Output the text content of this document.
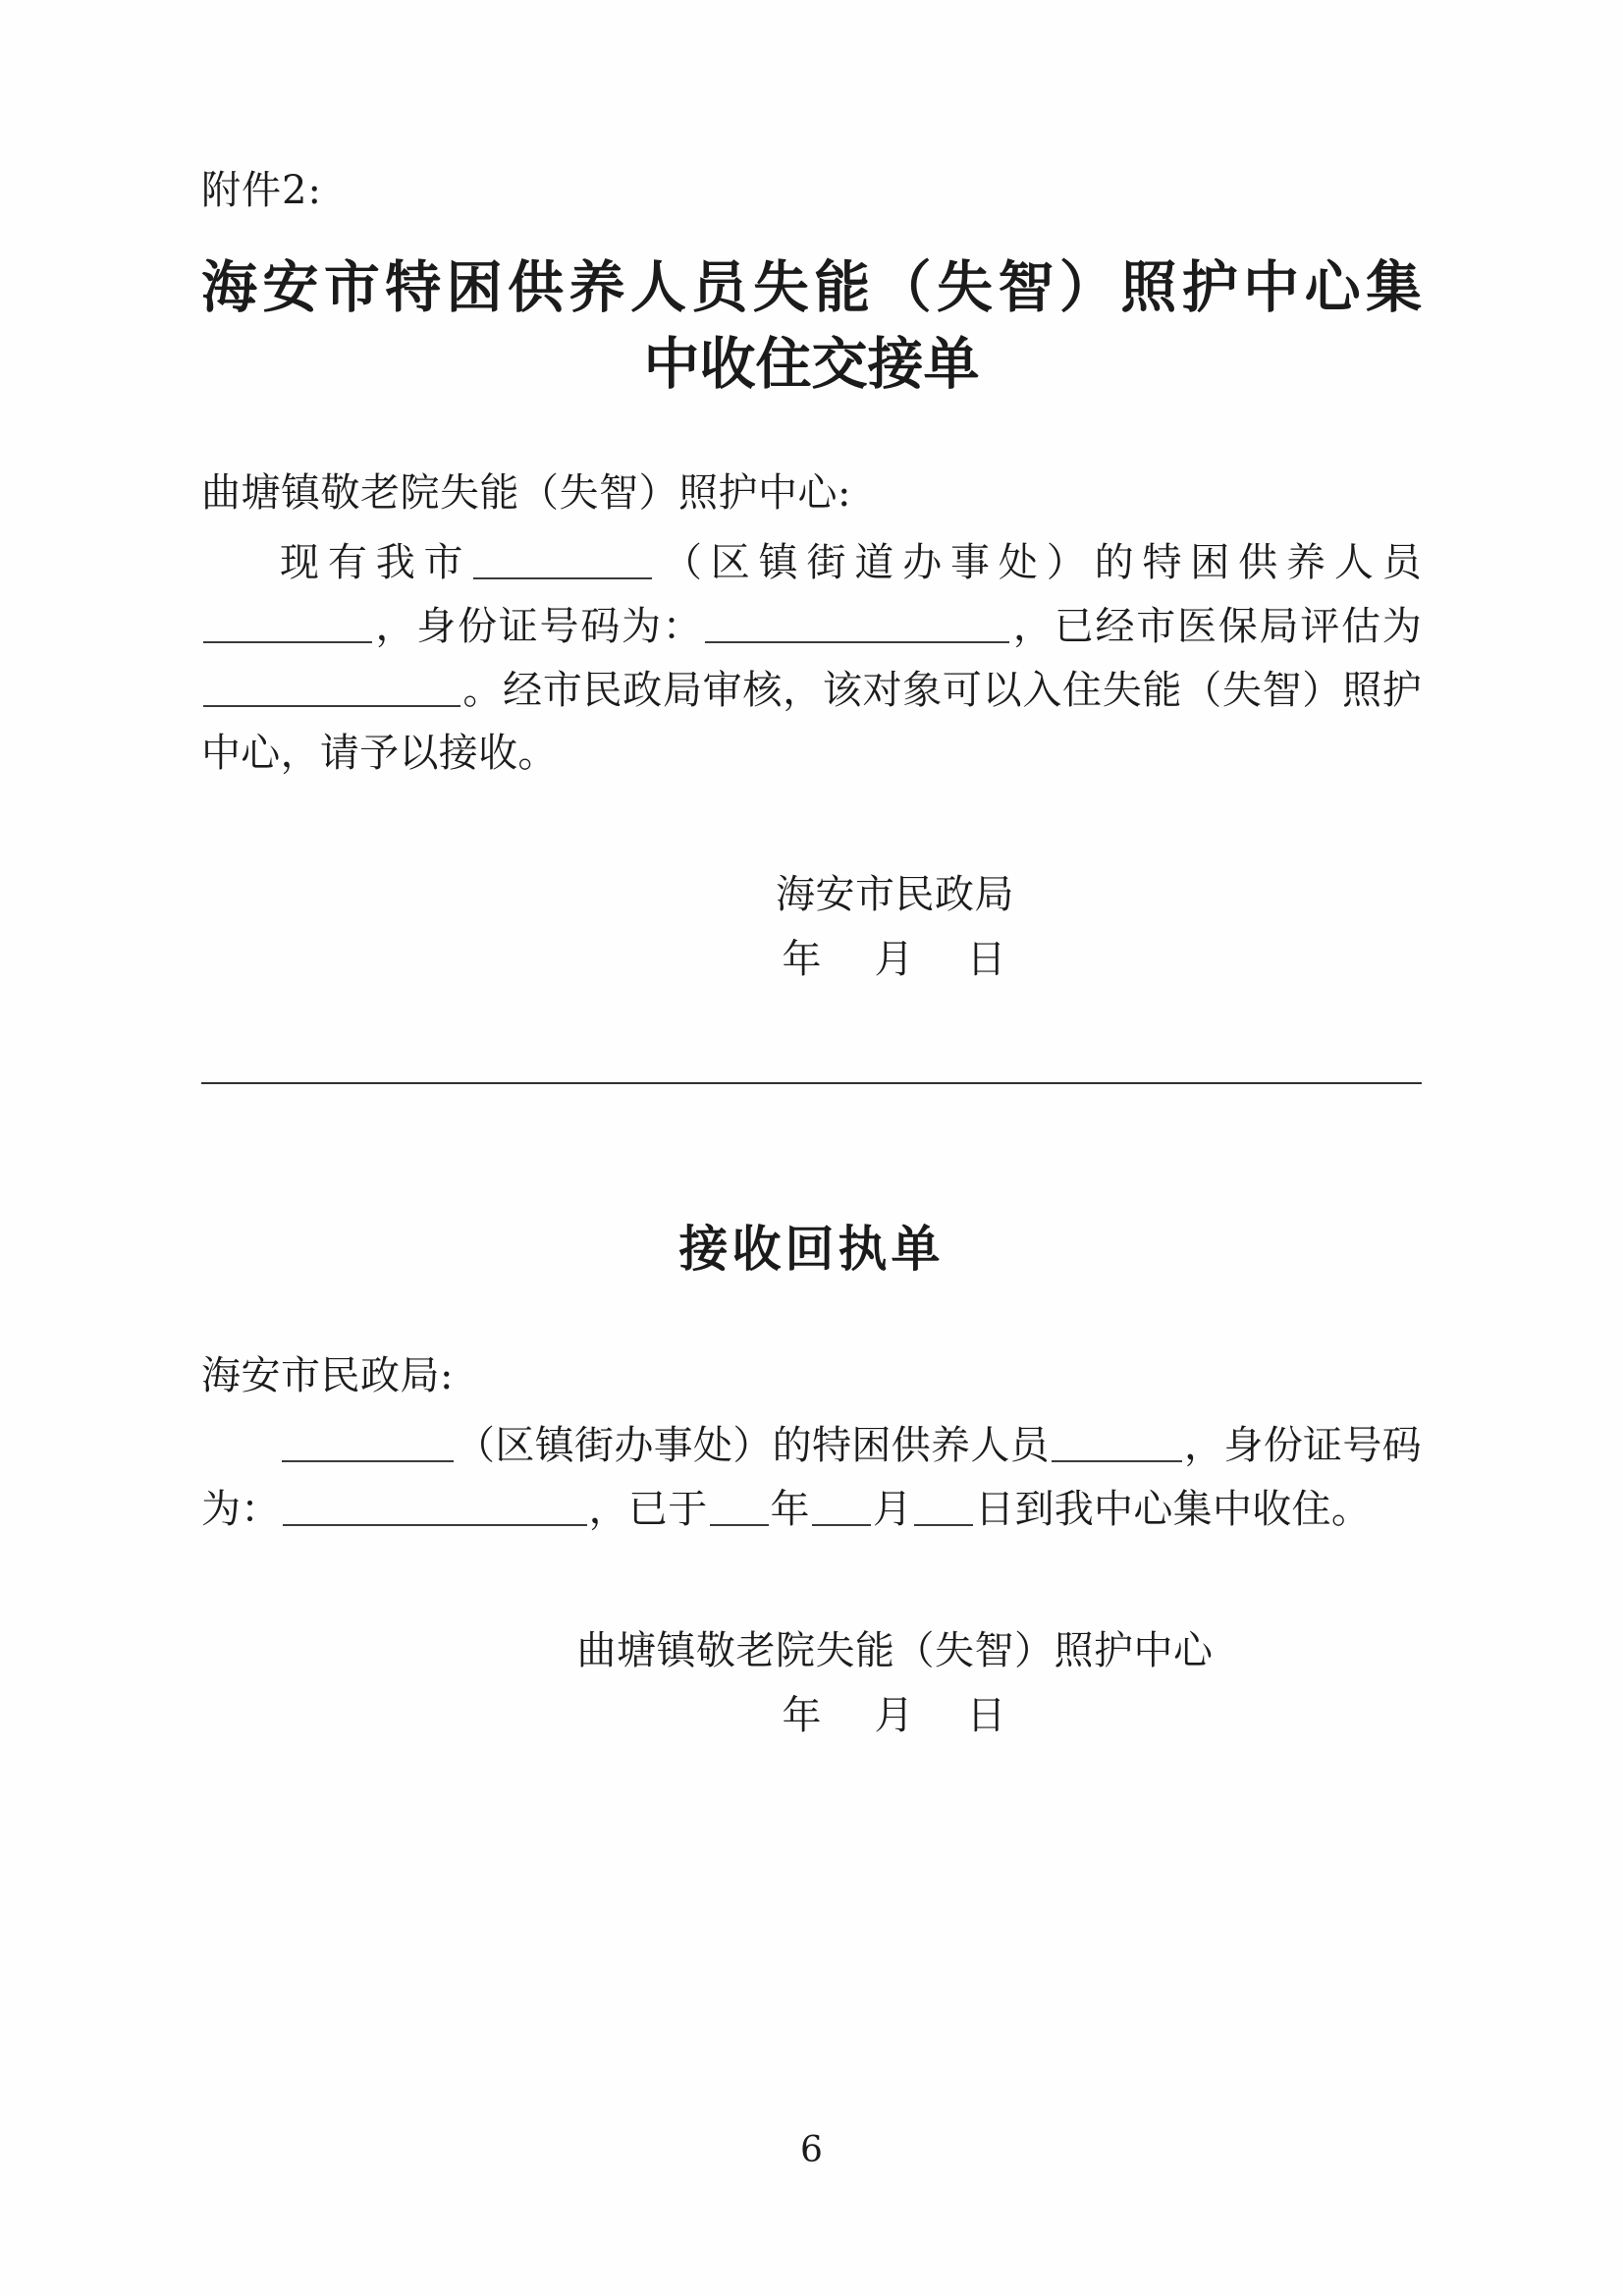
附件2:
海安市特困供养人员失能（失智）照护中心集
中收住交接单
曲塘镇敬老院失能（失智）照护中心:

现有我市	（区镇街道办事处）的特困供养人员，身份证号码为：	，已经市医保局评估为。经市民政局审核，该对象可以入住失能（失智）照护中心，请予以接收。

海安市民政局
年 月 日
接收回执单
海安市民政局:

（区镇街办事处）的特困供养人员	，身份证号码为：	，已于 年 月 日到我中心集中收住。

曲塘镇敬老院失能（失智）照护中心
年 月 日
6
